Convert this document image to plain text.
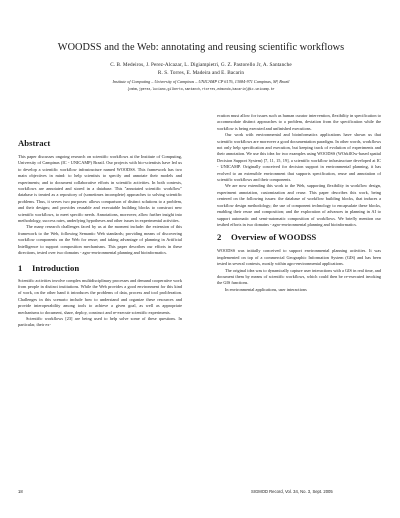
WOODSS and the Web: annotating and reusing scientific workflows
C. B. Medeiros, J. Perez-Alcazar, L. Digiampietri, G. Z. Pastorello Jr, A. Santanche
R. S. Torres, E. Madeira and E. Bacarin
Institute of Computing – University of Campinas – UNICAMP CP 6176, 13084-971 Campinas, SP, Brazil
{cmbm,jperez,luciano,gilberto,santanch,rtorres,edmundo,bacarin}@ic.unicamp.br
Abstract

This paper discusses ongoing research on scientific workflows at the Institute of Computing, University of Campinas (IC - UNICAMP) Brazil. Our projects with bio-scientists have led us to develop a scientific workflow infrastructure named WOODSS. This framework has two main objectives in mind: to help scientists to specify and annotate their models and experiments; and to document collaborative efforts in scientific activities. In both contexts, workflows are annotated and stored in a database. This "annotated scientific workflow" database is treated as a repository of (sometimes incomplete) approaches to solving scientific problems. Thus, it serves two purposes: allows comparison of distinct solutions to a problem, and their designs; and provides reusable and executable building blocks to construct new scientific workflows, to meet specific needs. Annotations, moreover, allow further insight into methodology, success rates, underlying hypotheses and other issues in experimental activities.

The many research challenges faced by us at the moment include: the extension of this framework to the Web, following Semantic Web standards; providing means of discovering workflow components on the Web for reuse; and taking advantage of planning in Artificial Intelligence to support composition mechanisms. This paper describes our efforts in these directions, tested over two domains - agro-environmental planning and bioinformatics.

1 Introduction

Scientific activities involve complex multidisciplinary processes and demand cooperative work from people in distinct institutions. While the Web provides a good environment for this kind of work, on the other hand it introduces the problems of data, process and tool proliferation. Challenges in this scenario include how to understand and organize these resources and provide interoperability among tools to achieve a given goal, as well as appropriate mechanisms to document, share, deploy, construct and re-execute scientific experiments.

Scientific workflows [23] are being used to help solve some of these questions. In particular, their ex-

ecution must allow for issues such as human curator intervention, flexibility in specification to accommodate distinct approaches to a problem, deviation from the specification while the workflow is being executed and unfinished executions.

Our work with environmental and bioinformatics applications have shown us that scientific workflows are moreover a good documentation paradigm. In other words, workflows not only help specification and execution, but keeping track of evolution of experiments and their annotation. We use this idea for two examples using WOODSS (WOrkflOw-based spatial Decision Support System) [7, 11, 15, 19], a scientific workflow infrastructure developed at IC - UNICAMP. Originally conceived for decision support in environmental planning, it has evolved to an extensible environment that supports specification, reuse and annotation of scientific workflows and their components.

We are now extending this work to the Web, supporting flexibility in workflow design, experiment annotation, customization and reuse. This paper describes this work, being centered on the following issues: the database of workflow building blocks, that induces a workflow design methodology; the use of component technology to encapsulate these blocks, enabling their reuse and composition; and the exploration of advances in planning in AI to support automatic and semi-automatic composition of workflows. We briefly mention our testbed efforts in two domains - agro-environmental planning and bioinformatics.

2 Overview of WOODSS

WOODSS was initially conceived to support environmental planning activities. It was implemented on top of a commercial Geographic Information System (GIS) and has been tested in several contexts, mostly within agro-environmental applications.

The original idea was to dynamically capture user interactions with a GIS in real time, and document them by means of scientific workflows, which could then be re-executed invoking the GIS functions.

In environmental applications, user interactions

18	SIGMOD Record, Vol. 34, No. 3, Sept. 2005
